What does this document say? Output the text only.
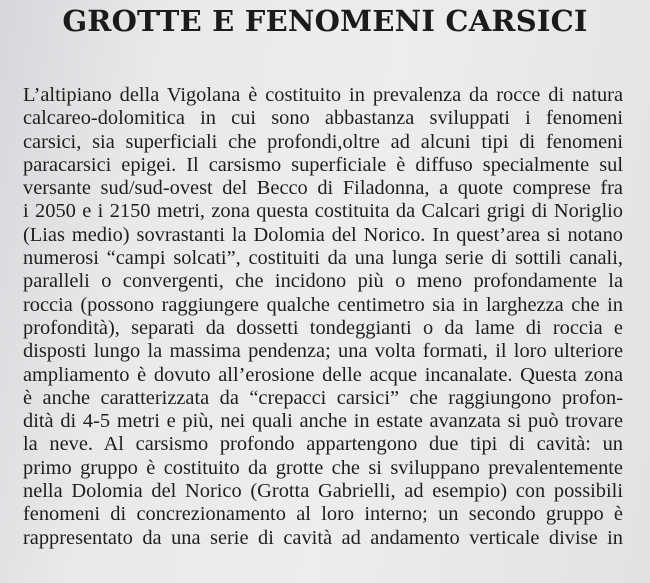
GROTTE E FENOMENI CARSICI
L’altipiano della Vigolana è costituito in prevalenza da rocce di natura
calcareo-dolomitica in cui sono abbastanza sviluppati i fenomeni
carsici, sia superficiali che profondi,oltre ad alcuni tipi di fenomeni
paracarsici epigei. Il carsismo superficiale è diffuso specialmente sul
versante sud/sud-ovest del Becco di Filadonna, a quote comprese fra
i 2050 e i 2150 metri, zona questa costituita da Calcari grigi di Noriglio
(Lias medio) sovrastanti la Dolomia del Norico. In quest’area si notano
numerosi “campi solcati”, costituiti da una lunga serie di sottili canali,
paralleli o convergenti, che incidono più o meno profondamente la
roccia (possono raggiungere qualche centimetro sia in larghezza che in
profondità), separati da dossetti tondeggianti o da lame di roccia e
disposti lungo la massima pendenza; una volta formati, il loro ulteriore
ampliamento è dovuto all’erosione delle acque incanalate. Questa zona
è anche caratterizzata da “crepacci carsici” che raggiungono profon-
dità di 4-5 metri e più, nei quali anche in estate avanzata si può trovare
la neve. Al carsismo profondo appartengono due tipi di cavità: un
primo gruppo è costituito da grotte che si sviluppano prevalentemente
nella Dolomia del Norico (Grotta Gabrielli, ad esempio) con possibili
fenomeni di concrezionamento al loro interno; un secondo gruppo è
rappresentato da una serie di cavità ad andamento verticale divise in
